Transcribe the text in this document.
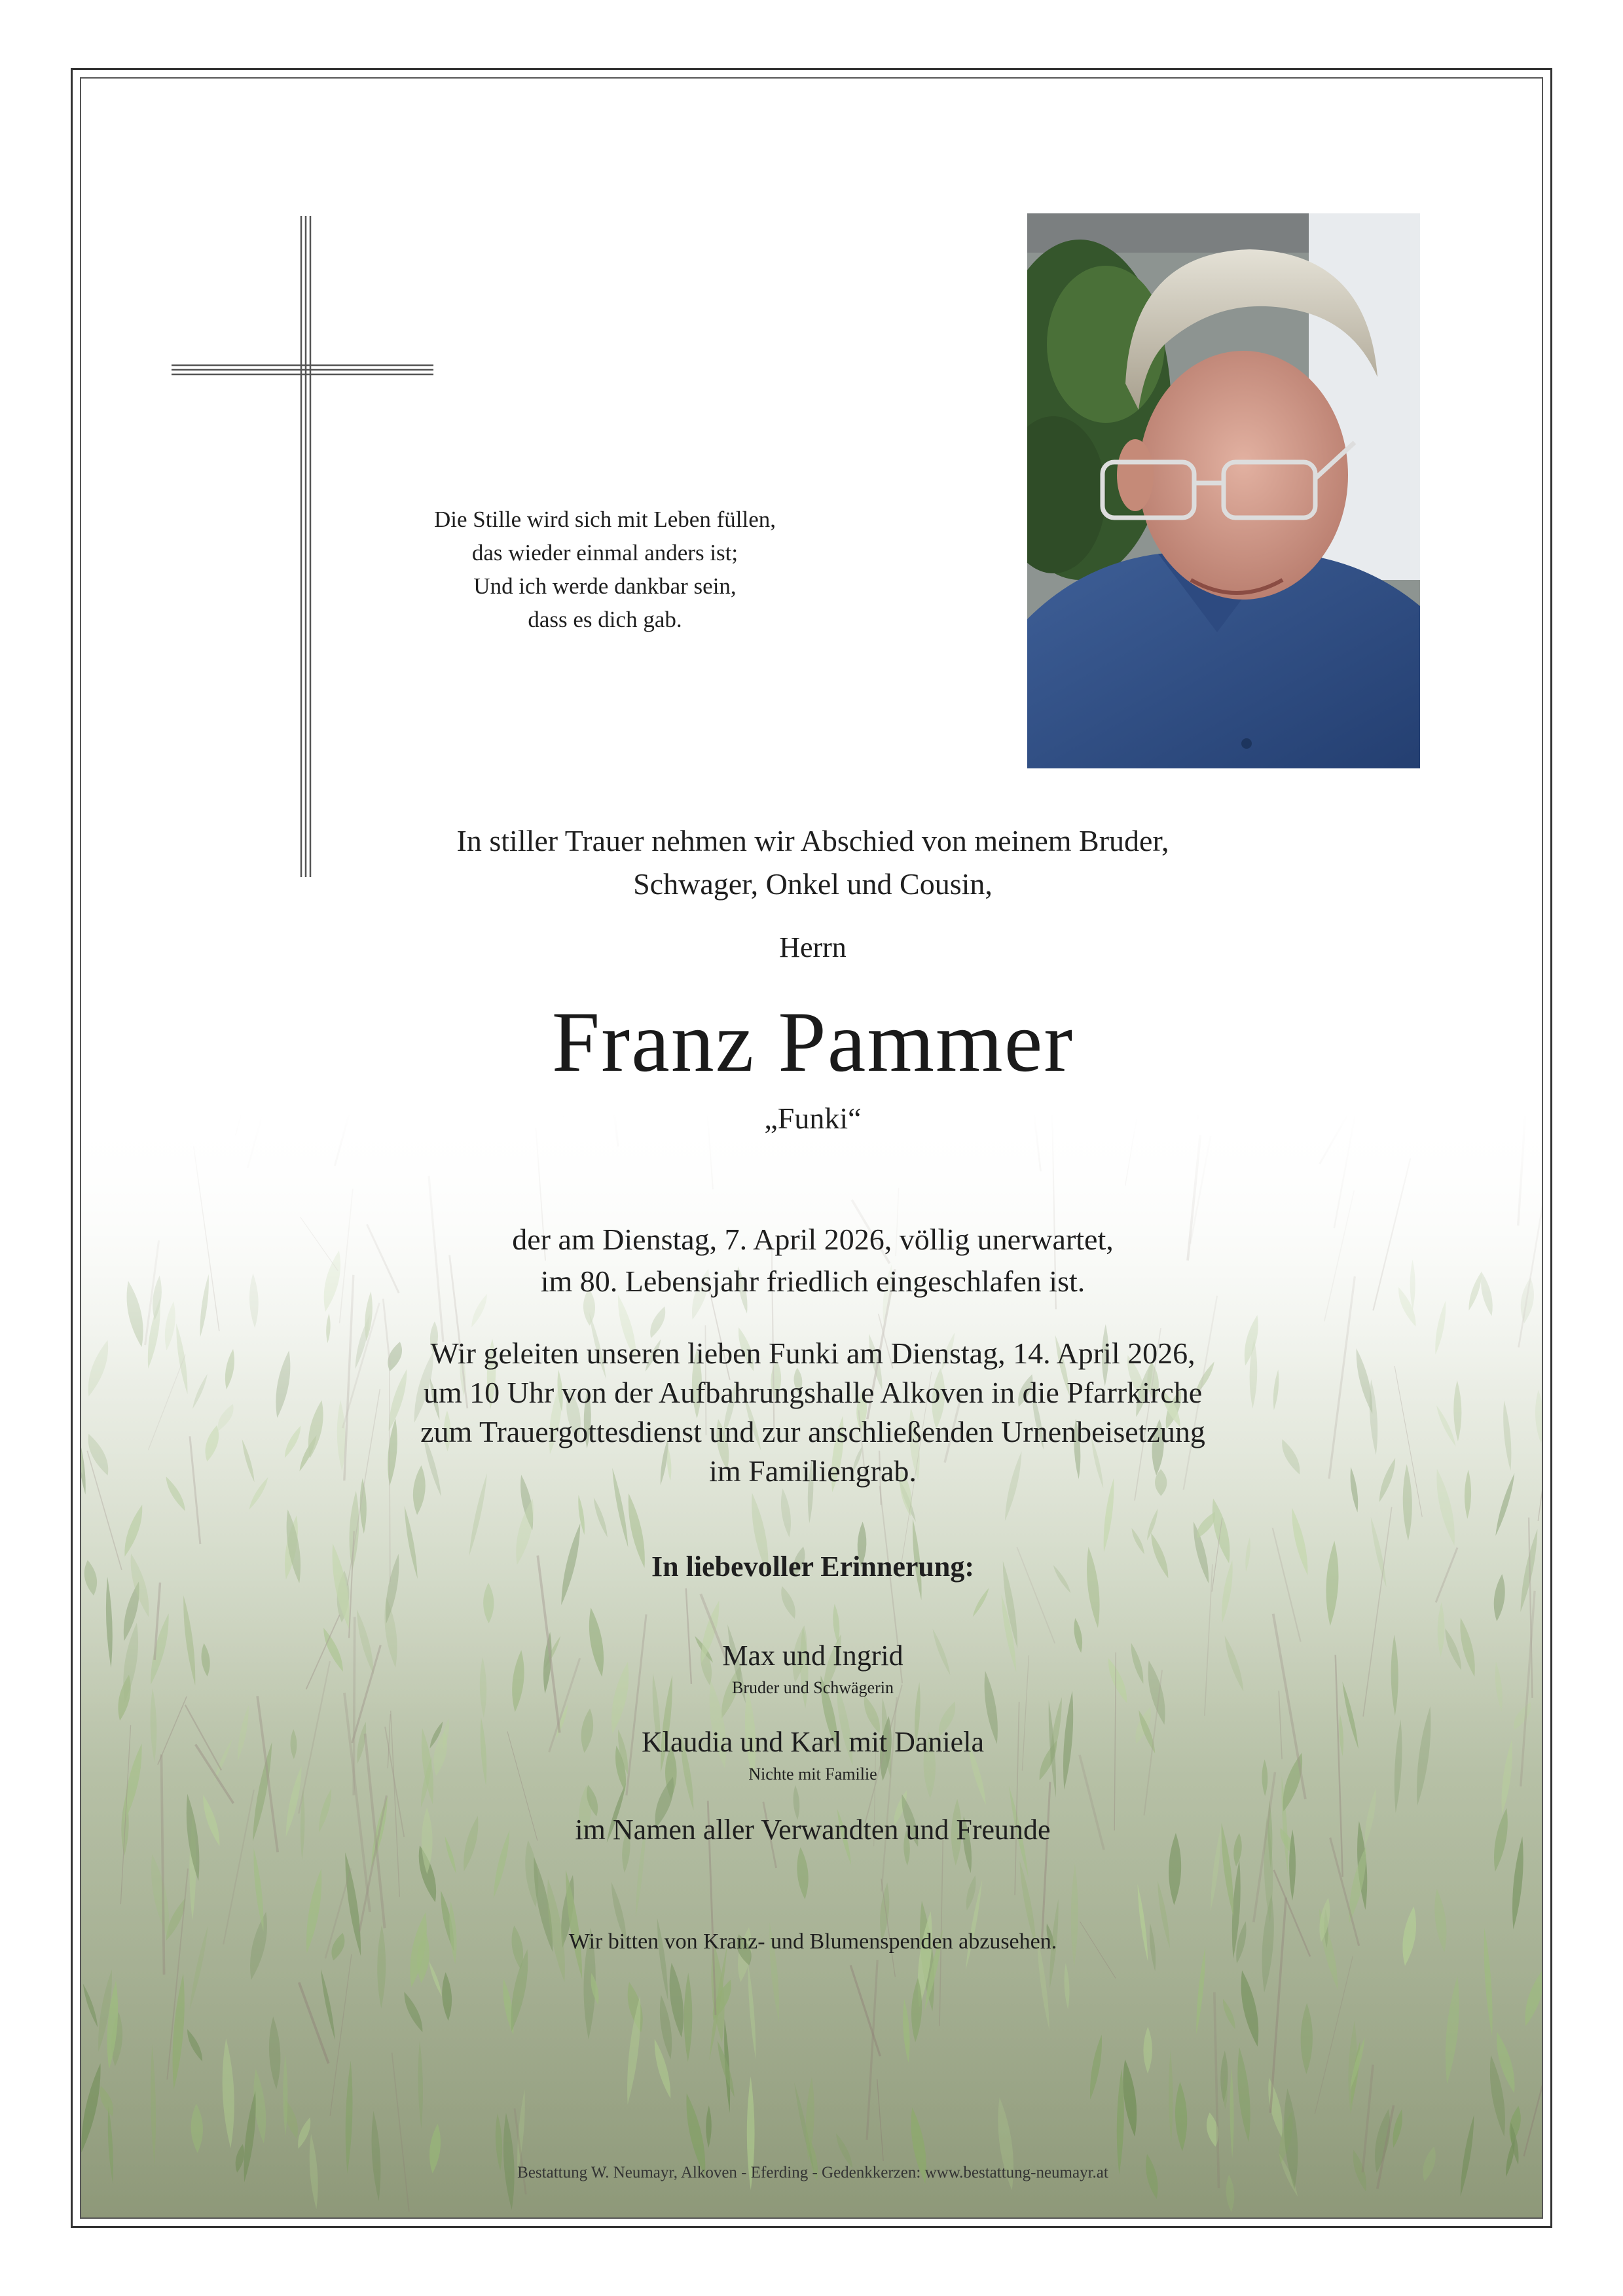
Die Stille wird sich mit Leben füllen,
das wieder einmal anders ist;
Und ich werde dankbar sein,
dass es dich gab.
In stiller Trauer nehmen wir Abschied von meinem Bruder,
Schwager, Onkel und Cousin,
Herrn
Franz Pammer
„Funki“
der am Dienstag, 7. April 2026, völlig unerwartet,
im 80. Lebensjahr friedlich eingeschlafen ist.
Wir geleiten unseren lieben Funki am Dienstag, 14. April 2026,
um 10 Uhr von der Aufbahrungshalle Alkoven in die Pfarrkirche
zum Trauergottesdienst und zur anschließenden Urnenbeisetzung
im Familiengrab.
In liebevoller Erinnerung:
Max und Ingrid
Bruder und Schwägerin
Klaudia und Karl mit Daniela
Nichte mit Familie
im Namen aller Verwandten und Freunde
Wir bitten von Kranz- und Blumenspenden abzusehen.
Bestattung W. Neumayr, Alkoven - Eferding - Gedenkkerzen: www.bestattung-neumayr.at
